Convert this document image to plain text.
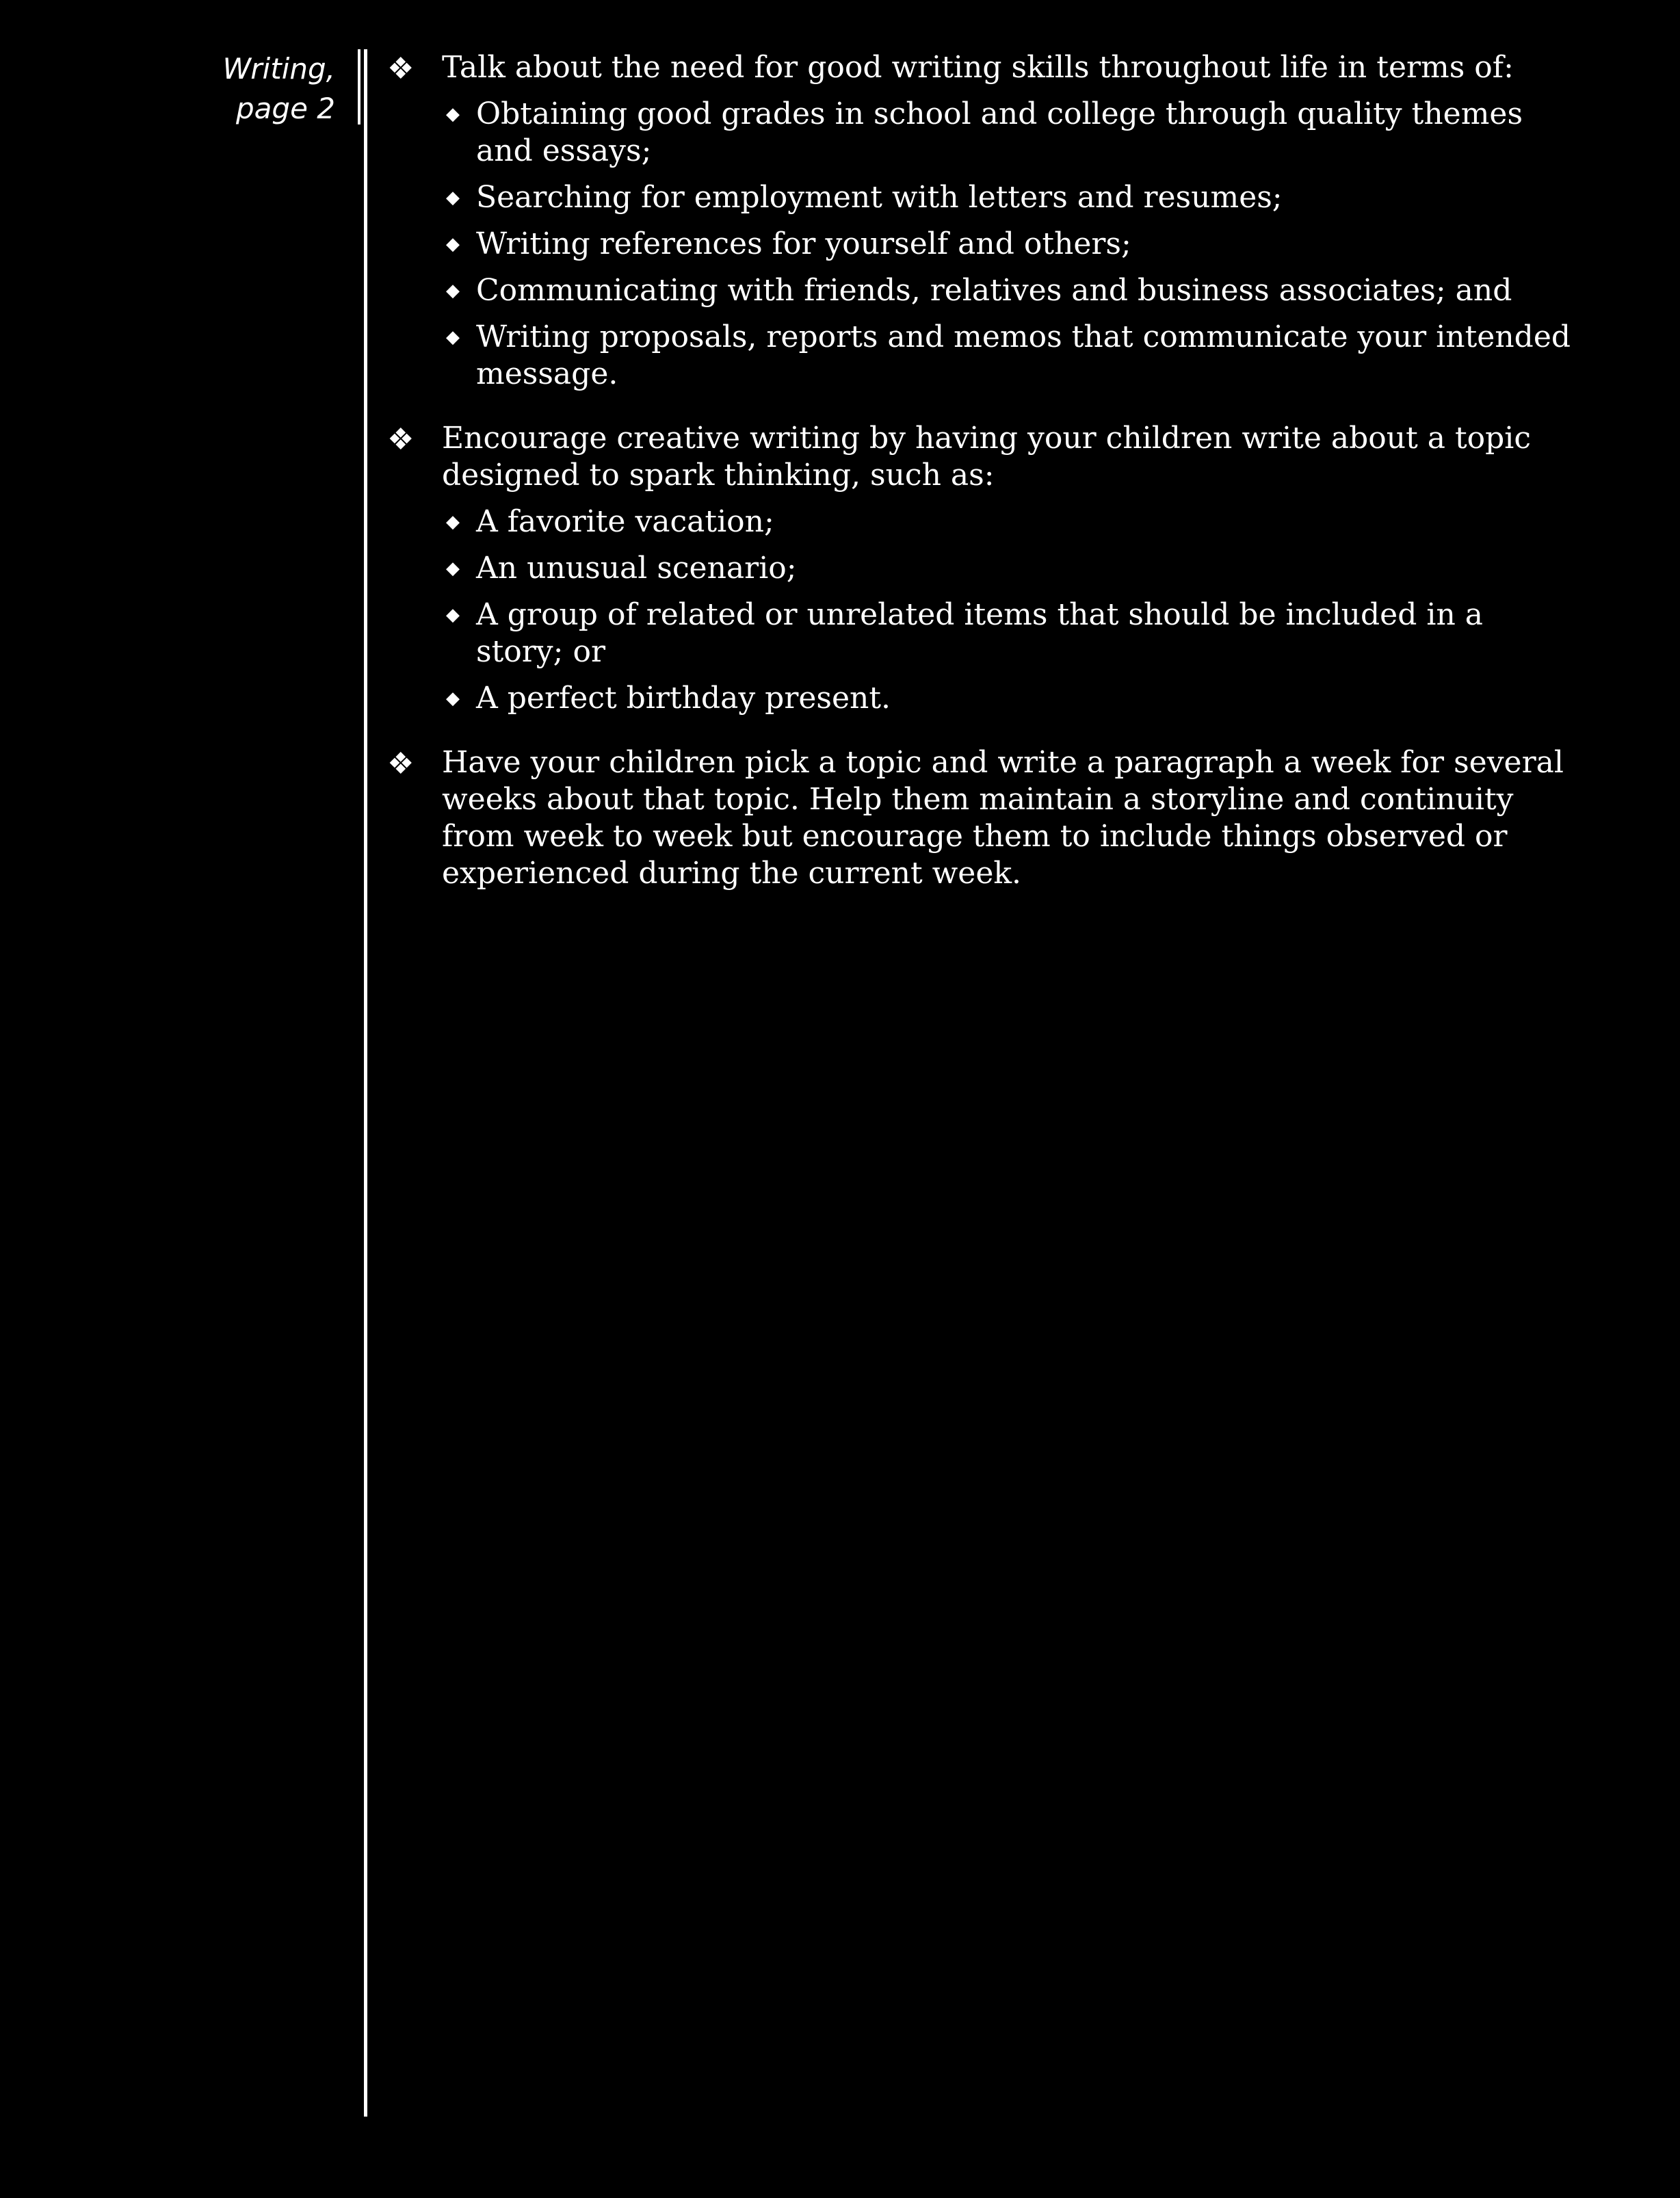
Writing,
page 2
❖ Talk about the need for good writing skills throughout life in terms of:
◆ Obtaining good grades in school and college through quality themes and essays;
◆ Searching for employment with letters and resumes;
◆ Writing references for yourself and others;
◆ Communicating with friends, relatives and business associates; and
◆ Writing proposals, reports and memos that communicate your intended message.
❖ Encourage creative writing by having your children write about a topic designed to spark thinking, such as:
◆ A favorite vacation;
◆ An unusual scenario;
◆ A group of related or unrelated items that should be included in a story; or
◆ A perfect birthday present.
❖ Have your children pick a topic and write a paragraph a week for several weeks about that topic. Help them maintain a storyline and continuity from week to week but encourage them to include things observed or experienced during the current week.
